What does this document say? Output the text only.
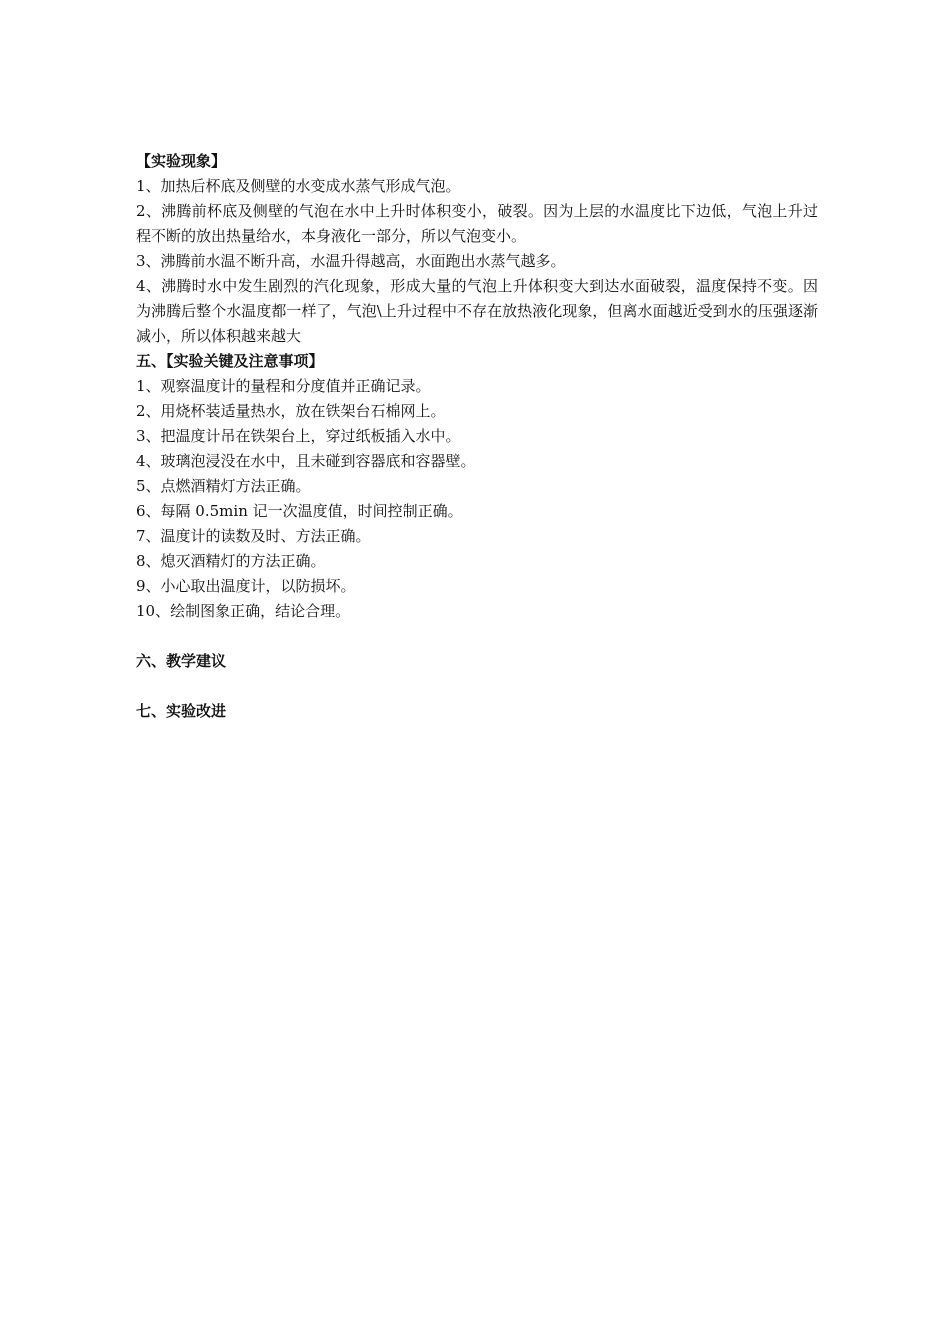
【实验现象】
1、加热后杯底及侧壁的水变成水蒸气形成气泡。
2、沸腾前杯底及侧壁的气泡在水中上升时体积变小，破裂。因为上层的水温度比下边低，气泡上升过程不断的放出热量给水，本身液化一部分，所以气泡变小。
3、沸腾前水温不断升高，水温升得越高，水面跑出水蒸气越多。
4、沸腾时水中发生剧烈的汽化现象，形成大量的气泡上升体积变大到达水面破裂，温度保持不变。因为沸腾后整个水温度都一样了，气泡\上升过程中不存在放热液化现象，但离水面越近受到水的压强逐渐减小，所以体积越来越大
五、【实验关键及注意事项】
1、观察温度计的量程和分度值并正确记录。
2、用烧杯装适量热水，放在铁架台石棉网上。
3、把温度计吊在铁架台上，穿过纸板插入水中。
4、玻璃泡浸没在水中，且未碰到容器底和容器壁。
5、点燃酒精灯方法正确。
6、每隔 0.5min 记一次温度值，时间控制正确。
7、温度计的读数及时、方法正确。
8、熄灭酒精灯的方法正确。
9、小心取出温度计，以防损坏。
10、绘制图象正确，结论合理。
六、教学建议
七、实验改进
